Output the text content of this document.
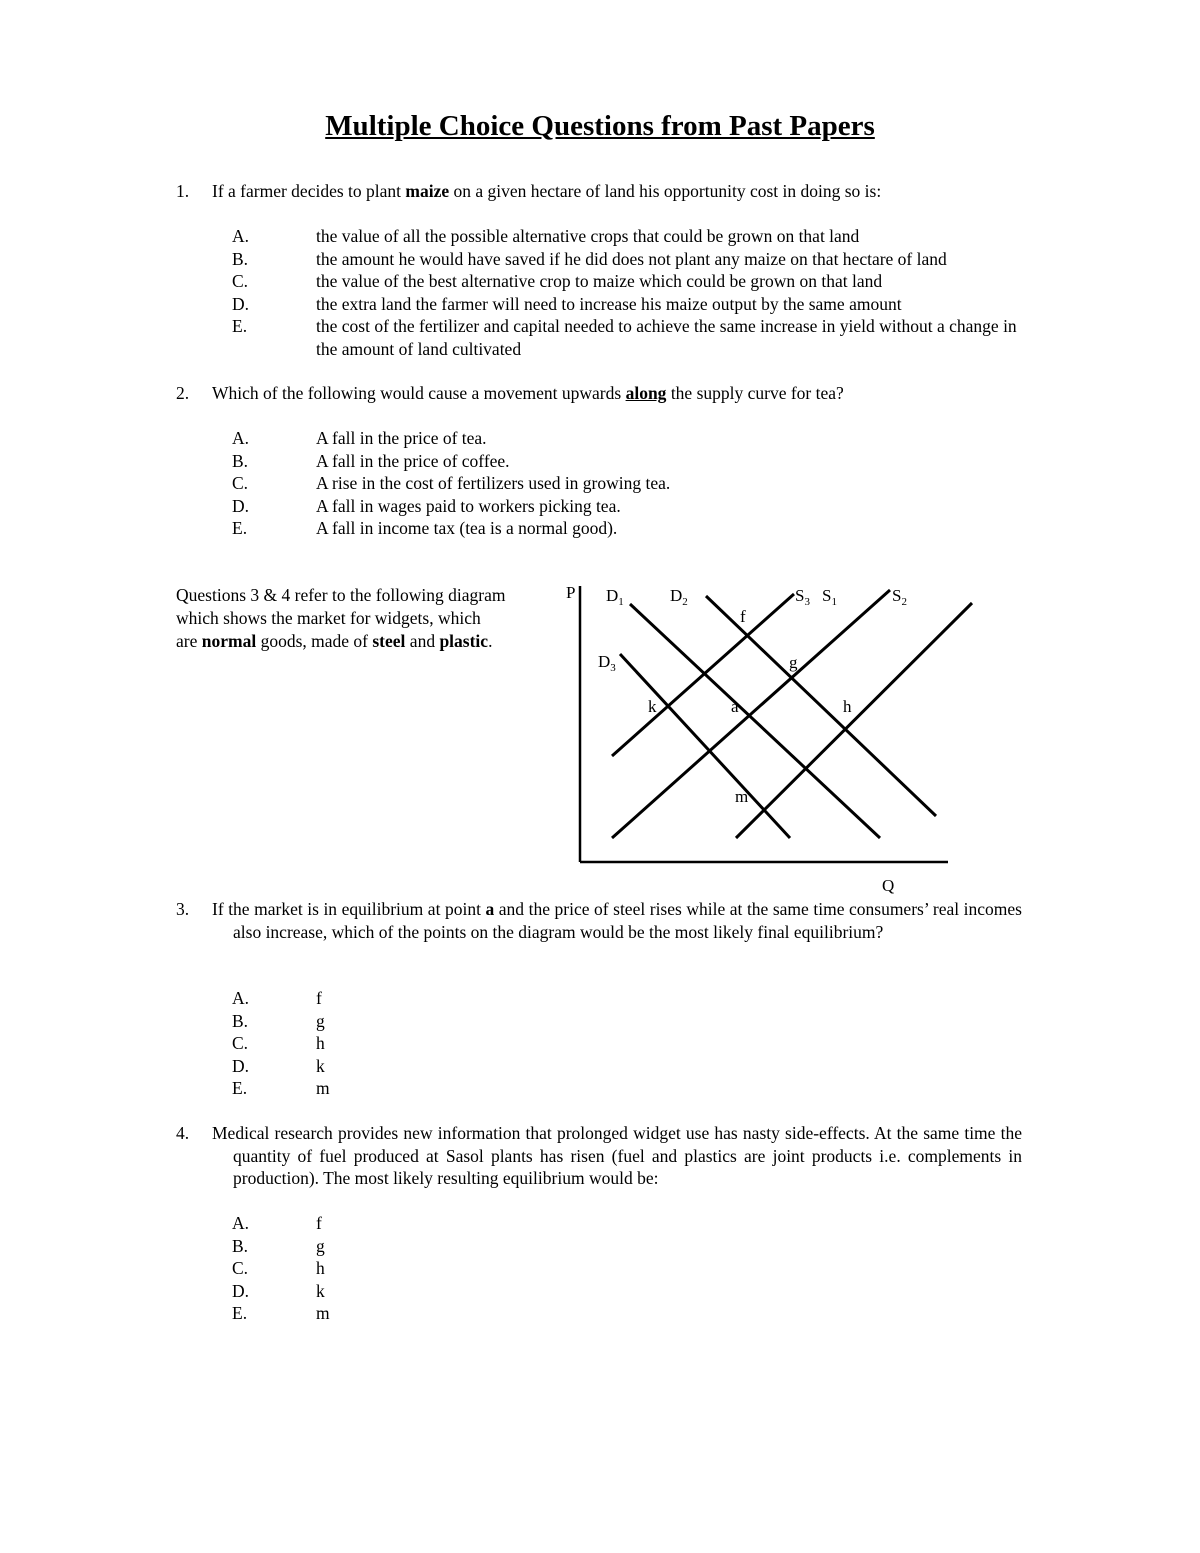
Multiple Choice Questions from Past Papers
1. If a farmer decides to plant maize on a given hectare of land his opportunity cost in doing so is:
A.	the value of all the possible alternative crops that could be grown on that land
B.	the amount he would have saved if he did does not plant any maize on that hectare of land
C.	the value of the best alternative crop to maize which could be grown on that land
D.	the extra land the farmer will need to increase his maize output by the same amount
E.	the cost of the fertilizer and capital needed to achieve the same increase in yield without a change in the amount of land cultivated
2. Which of the following would cause a movement upwards along the supply curve for tea?
A.	A fall in the price of tea.
B.	A fall in the price of coffee.
C.	A rise in the cost of fertilizers used in growing tea.
D.	A fall in wages paid to workers picking tea.
E.	A fall in income tax (tea is a normal good).
Questions 3 & 4 refer to the following diagram
which shows the market for widgets, which
are normal goods, made of steel and plastic.
P
Q
$D_1$	$D_2$
$D_3$
$S_3$ $S_1$	$S_2$
f
g
h
k	a
m
3. If the market is in equilibrium at point a and the price of steel rises while at the same time consumers’ real incomes also increase, which of the points on the diagram would be the most likely final equilibrium?
A.	f
B.	g
C.	h
D.	k
E.	m
4. Medical research provides new information that prolonged widget use has nasty side-effects. At the same time the quantity of fuel produced at Sasol plants has risen (fuel and plastics are joint products i.e. complements in production). The most likely resulting equilibrium would be:
A.	f
B.	g
C.	h
D.	k
E.	m
